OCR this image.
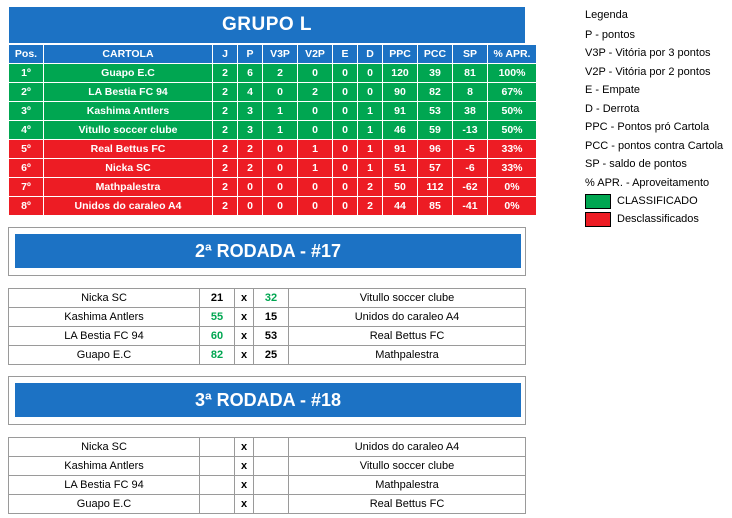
GRUPO L
Pos.	CARTOLA	J	P	V3P	V2P	E	D	PPC	PCC	SP	% APR.
1º	Guapo E.C	2	6	2	0	0	0	120	39	81	100%
2º	LA Bestia FC 94	2	4	0	2	0	0	90	82	8	67%
3º	Kashima Antlers	2	3	1	0	0	1	91	53	38	50%
4º	Vitullo soccer clube	2	3	1	0	0	1	46	59	-13	50%
5º	Real Bettus FC	2	2	0	1	0	1	91	96	-5	33%
6º	Nicka SC	2	2	0	1	0	1	51	57	-6	33%
7º	Mathpalestra	2	0	0	0	0	2	50	112	-62	0%
8º	Unidos do caraleo A4	2	0	0	0	0	2	44	85	-41	0%
2ª RODADA - #17
Nicka SC	21	x	32	Vitullo soccer clube
Kashima Antlers	55	x	15	Unidos do caraleo A4
LA Bestia FC 94	60	x	53	Real Bettus FC
Guapo E.C	82	x	25	Mathpalestra
3ª RODADA - #18
Nicka SC		x		Unidos do caraleo A4
Kashima Antlers		x		Vitullo soccer clube
LA Bestia FC 94		x		Mathpalestra
Guapo E.C		x		Real Bettus FC
Legenda
P - pontos
V3P - Vitória por 3 pontos
V2P - Vitória por 2 pontos
E - Empate
D - Derrota
PPC - Pontos pró Cartola
PCC - pontos contra Cartola
SP - saldo de pontos
% APR. - Aproveitamento
CLASSIFICADO
Desclassificados
